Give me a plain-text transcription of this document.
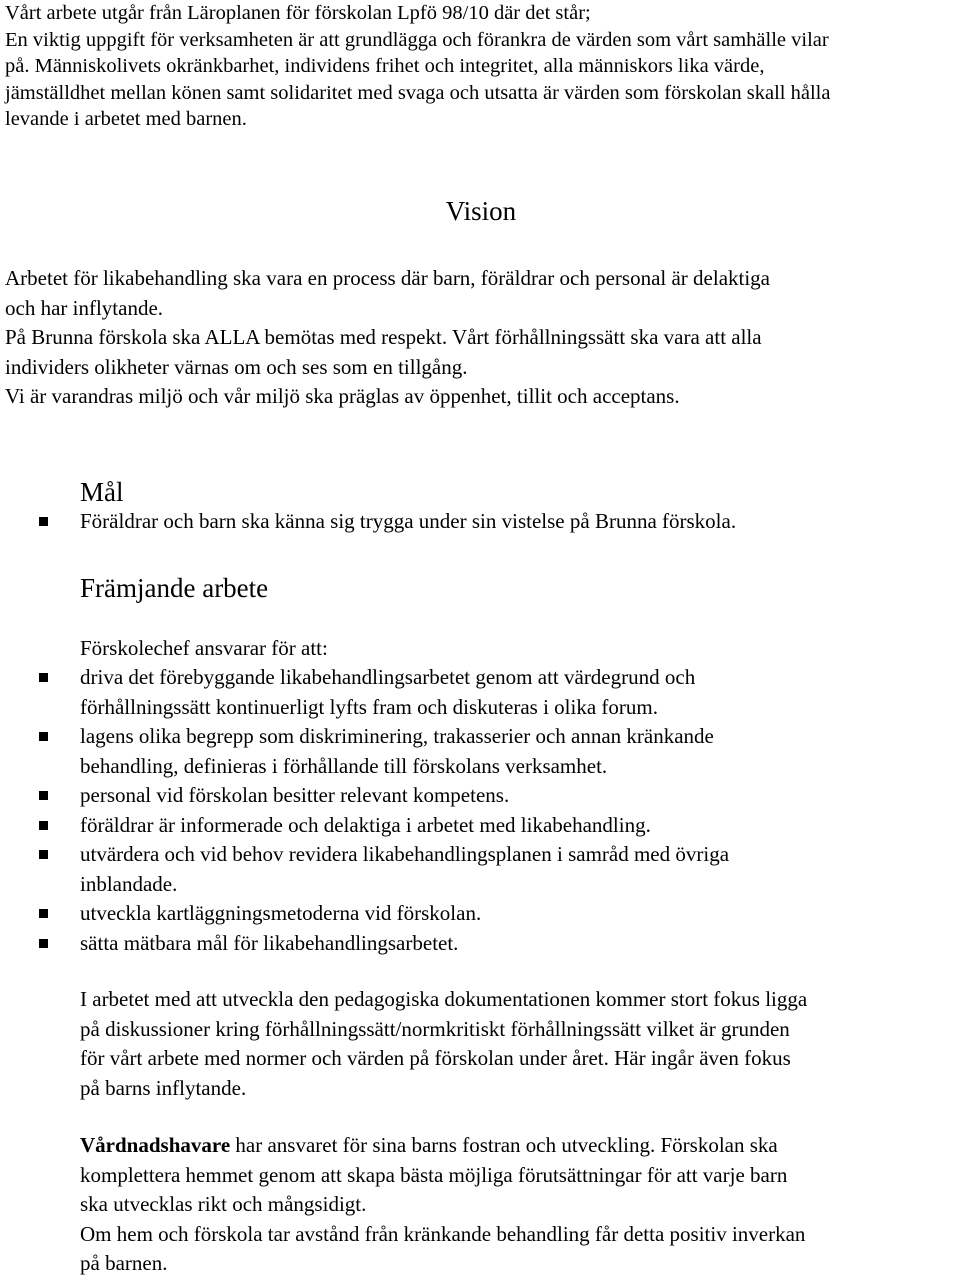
Vårt arbete utgår från Läroplanen för förskolan Lpfö 98/10 där det står;

En viktig uppgift för verksamheten är att grundlägga och förankra de värden som vårt samhälle vilar

på. Människolivets okränkbarhet, individens frihet och integritet, alla människors lika värde,

jämställdhet mellan könen samt solidaritet med svaga och utsatta är värden som förskolan skall hålla

levande i arbetet med barnen.

Vision

Arbetet för likabehandling ska vara en process där barn, föräldrar och personal är delaktiga

och har inflytande.

På Brunna förskola ska ALLA bemötas med respekt. Vårt förhållningssätt ska vara att alla

individers olikheter värnas om och ses som en tillgång.

Vi är varandras miljö och vår miljö ska präglas av öppenhet, tillit och acceptans.

Mål
Föräldrar och barn ska känna sig trygga under sin vistelse på Brunna förskola.
Främjande arbete
Förskolechef ansvarar för att:
driva det förebyggande likabehandlingsarbetet genom att värdegrund och
förhållningssätt kontinuerligt lyfts fram och diskuteras i olika forum.
lagens olika begrepp som diskriminering, trakasserier och annan kränkande
behandling, definieras i förhållande till förskolans verksamhet.
personal vid förskolan besitter relevant kompetens.
föräldrar är informerade och delaktiga i arbetet med likabehandling.
utvärdera och vid behov revidera likabehandlingsplanen i samråd med övriga
inblandade.
utveckla kartläggningsmetoderna vid förskolan.
sätta mätbara mål för likabehandlingsarbetet.

I arbetet med att utveckla den pedagogiska dokumentationen kommer stort fokus ligga

på diskussioner kring förhållningssätt/normkritiskt förhållningssätt vilket är grunden

för vårt arbete med normer och värden på förskolan under året. Här ingår även fokus

på barns inflytande.

Vårdnadshavare har ansvaret för sina barns fostran och utveckling. Förskolan ska

komplettera hemmet genom att skapa bästa möjliga förutsättningar för att varje barn

ska utvecklas rikt och mångsidigt.

Om hem och förskola tar avstånd från kränkande behandling får detta positiv inverkan

på barnen.
